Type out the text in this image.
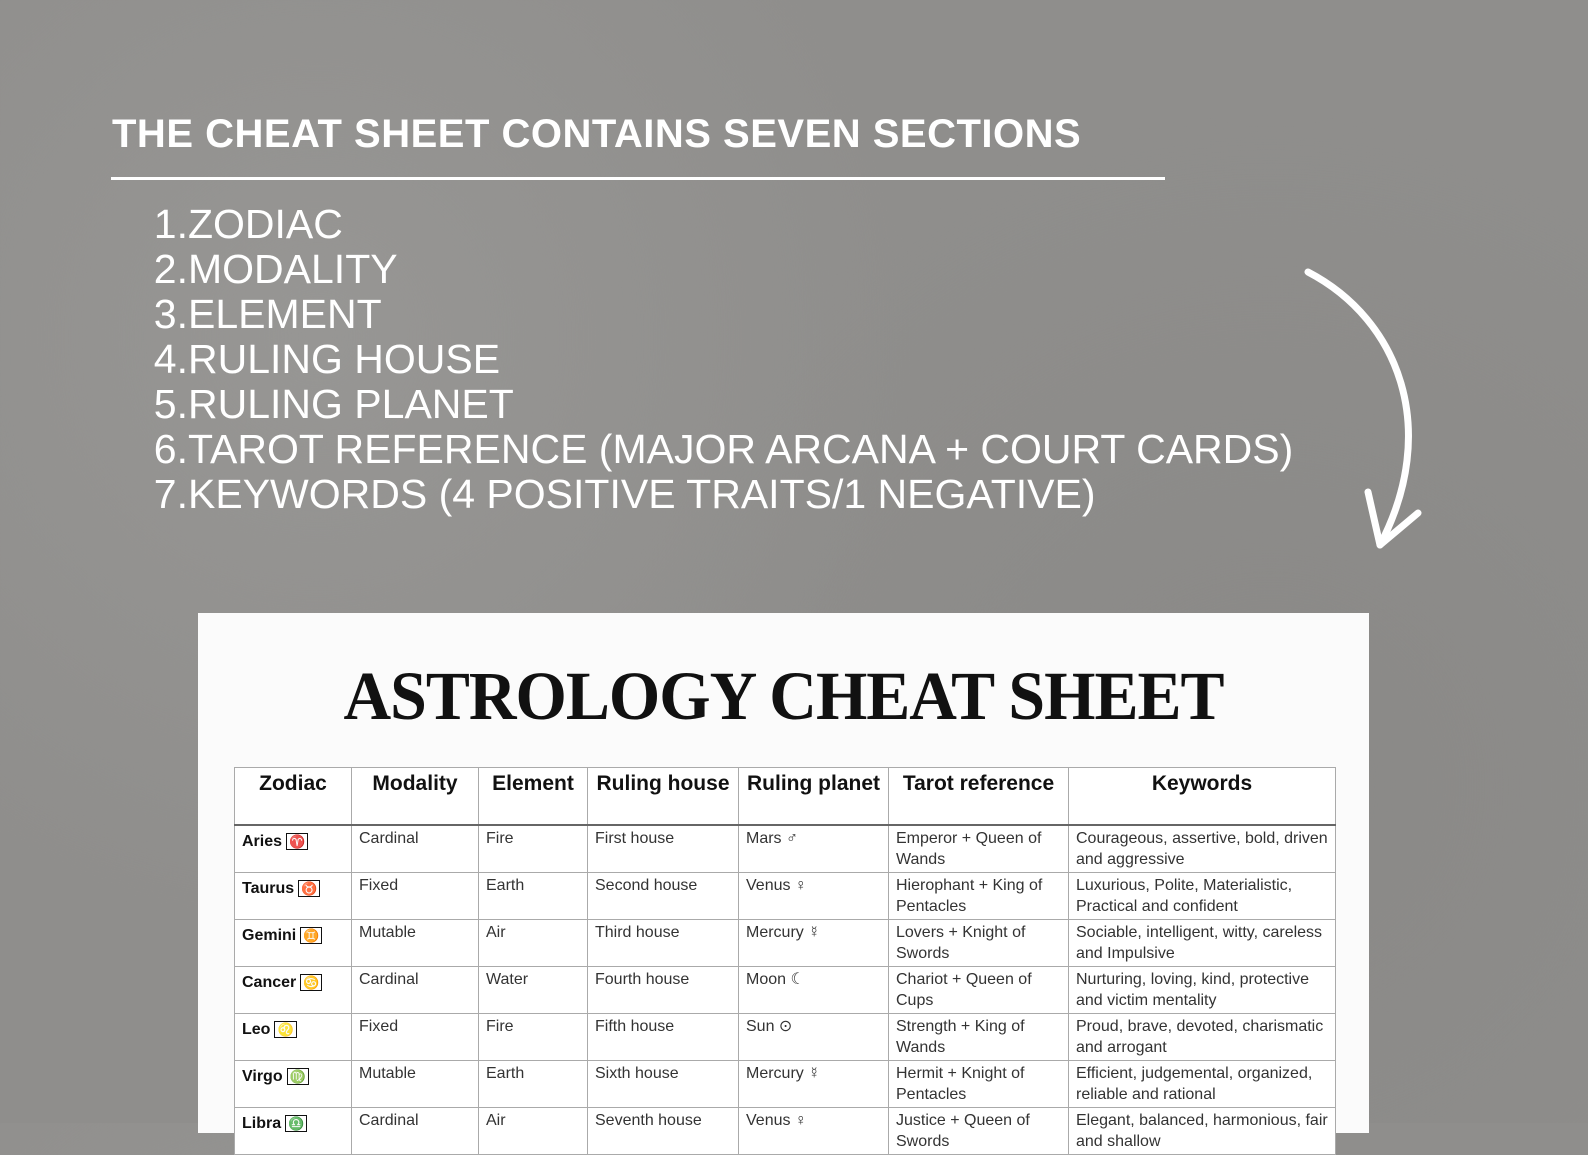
THE CHEAT SHEET CONTAINS SEVEN SECTIONS
1. ZODIAC
2. MODALITY
3. ELEMENT
4. RULING HOUSE
5. RULING PLANET
6. TAROT REFERENCE (MAJOR ARCANA + COURT CARDS)
7. KEYWORDS (4 POSITIVE TRAITS/1 NEGATIVE)
ASTROLOGY CHEAT SHEET
Zodiac	Modality	Element	Ruling house	Ruling planet	Tarot reference	Keywords
Aries ♈	Cardinal	Fire	First house	Mars ♂	Emperor + Queen of Wands	Courageous, assertive, bold, driven and aggressive
Taurus ♉	Fixed	Earth	Second house	Venus ♀	Hierophant + King of Pentacles	Luxurious, Polite, Materialistic, Practical and confident
Gemini ♊	Mutable	Air	Third house	Mercury ☿	Lovers + Knight of Swords	Sociable, intelligent, witty, careless and Impulsive
Cancer ♋	Cardinal	Water	Fourth house	Moon ☾	Chariot + Queen of Cups	Nurturing, loving, kind, protective and victim mentality
Leo ♌	Fixed	Fire	Fifth house	Sun ⊙	Strength + King of Wands	Proud, brave, devoted, charismatic and arrogant
Virgo ♍	Mutable	Earth	Sixth house	Mercury ☿	Hermit + Knight of Pentacles	Efficient, judgemental, organized, reliable and rational
Libra ♎	Cardinal	Air	Seventh house	Venus ♀	Justice + Queen of Swords	Elegant, balanced, harmonious, fair and shallow
